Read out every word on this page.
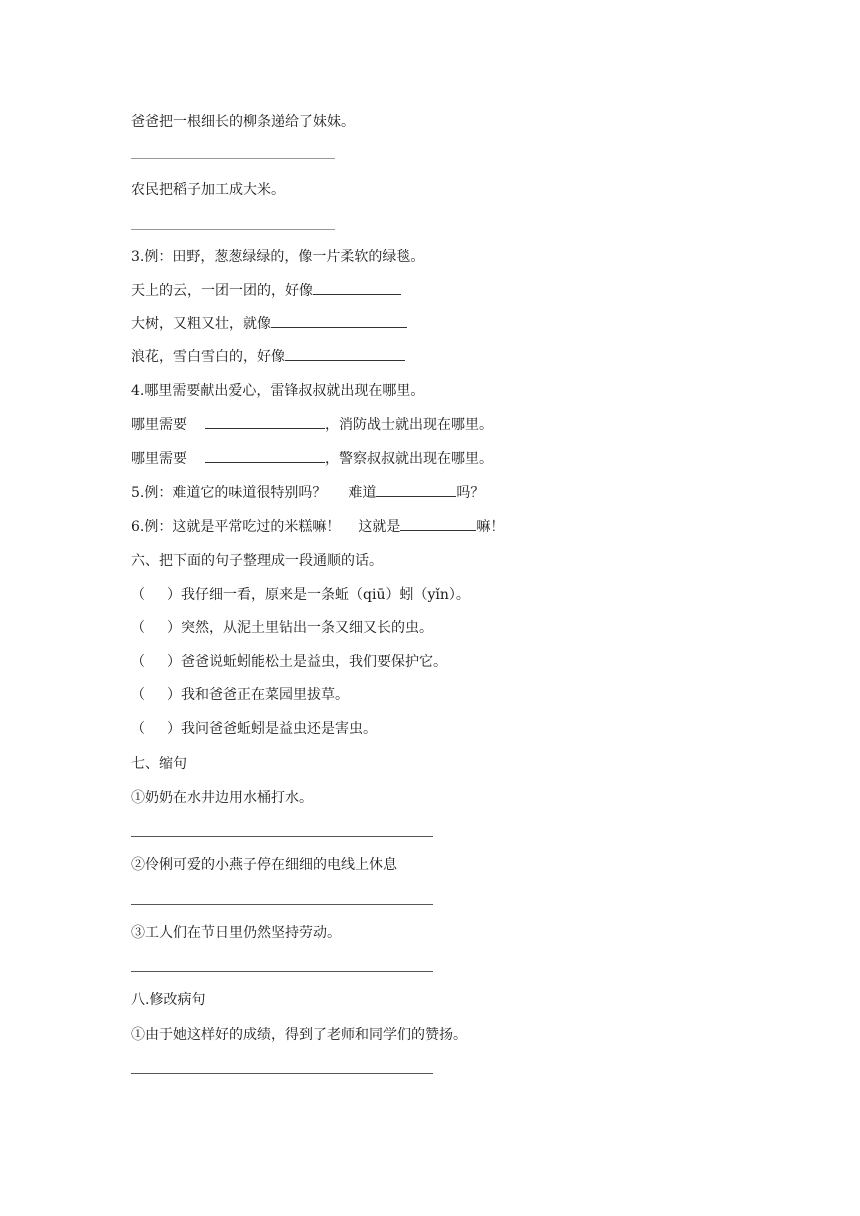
爸爸把一根细长的柳条递给了妹妹。
农民把稻子加工成大米。
3.例：田野，葱葱绿绿的，像一片柔软的绿毯。
天上的云，一团一团的，好像
大树，又粗又壮，就像
浪花，雪白雪白的，好像
4.哪里需要献出爱心，雷锋叔叔就出现在哪里。
哪里需要	，消防战士就出现在哪里。
哪里需要	，警察叔叔就出现在哪里。
5.例：难道它的味道很特别吗？ 难道	吗？
6.例：这就是平常吃过的米糕嘛！ 这就是	嘛！
六、把下面的句子整理成一段通顺的话。
（ ）我仔细一看，原来是一条蚯（qiū）蚓（yǐn）。
（ ）突然，从泥土里钻出一条又细又长的虫。
（ ）爸爸说蚯蚓能松土是益虫，我们要保护它。
（ ）我和爸爸正在菜园里拔草。
（ ）我问爸爸蚯蚓是益虫还是害虫。
七、缩句
①奶奶在水井边用水桶打水。
②伶俐可爱的小燕子停在细细的电线上休息
③工人们在节日里仍然坚持劳动。
八.修改病句
①由于她这样好的成绩，得到了老师和同学们的赞扬。
